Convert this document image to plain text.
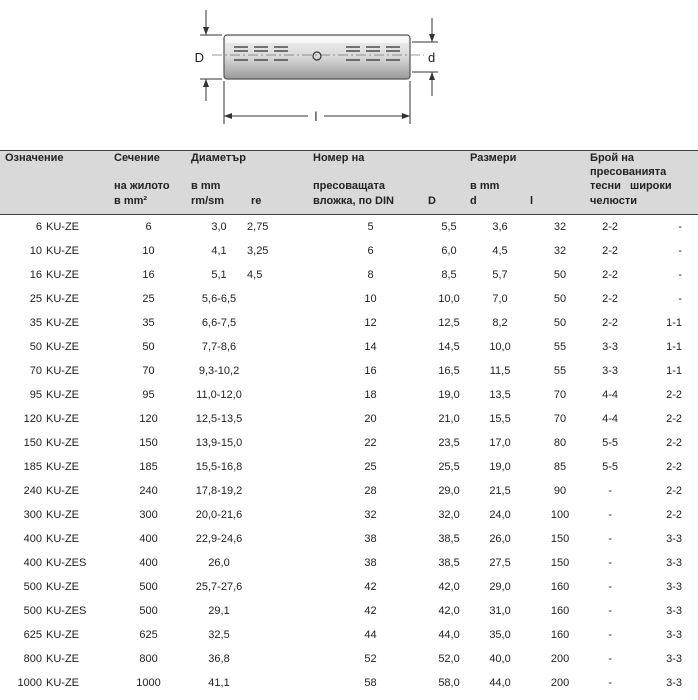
D	d
l
Означение		Сечение	Диаметър		Номер на		Размери		Брой на пресованията	
		на жилото	в mm		пресоващата		в mm		тесни	широки
		в mm²	rm/sm	re	вложка, по DIN	D	d	l	челюсти	
6	KU-ZE	6	3,0	2,75	5	5,5	3,6	32	2-2	-
10	KU-ZE	10	4,1	3,25	6	6,0	4,5	32	2-2	-
16	KU-ZE	16	5,1	4,5	8	8,5	5,7	50	2-2	-
25	KU-ZE	25	5,6-6,5		10	10,0	7,0	50	2-2	-
35	KU-ZE	35	6,6-7,5		12	12,5	8,2	50	2-2	1-1
50	KU-ZE	50	7,7-8,6		14	14,5	10,0	55	3-3	1-1
70	KU-ZE	70	9,3-10,2		16	16,5	11,5	55	3-3	1-1
95	KU-ZE	95	11,0-12,0		18	19,0	13,5	70	4-4	2-2
120	KU-ZE	120	12,5-13,5		20	21,0	15,5	70	4-4	2-2
150	KU-ZE	150	13,9-15,0		22	23,5	17,0	80	5-5	2-2
185	KU-ZE	185	15,5-16,8		25	25,5	19,0	85	5-5	2-2
240	KU-ZE	240	17,8-19,2		28	29,0	21,5	90	-	2-2
300	KU-ZE	300	20,0-21,6		32	32,0	24,0	100	-	2-2
400	KU-ZE	400	22,9-24,6		38	38,5	26,0	150	-	3-3
400	KU-ZES	400	26,0		38	38,5	27,5	150	-	3-3
500	KU-ZE	500	25,7-27,6		42	42,0	29,0	160	-	3-3
500	KU-ZES	500	29,1		42	42,0	31,0	160	-	3-3
625	KU-ZE	625	32,5		44	44,0	35,0	160	-	3-3
800	KU-ZE	800	36,8		52	52,0	40,0	200	-	3-3
1000	KU-ZE	1000	41,1		58	58,0	44,0	200	-	3-3
